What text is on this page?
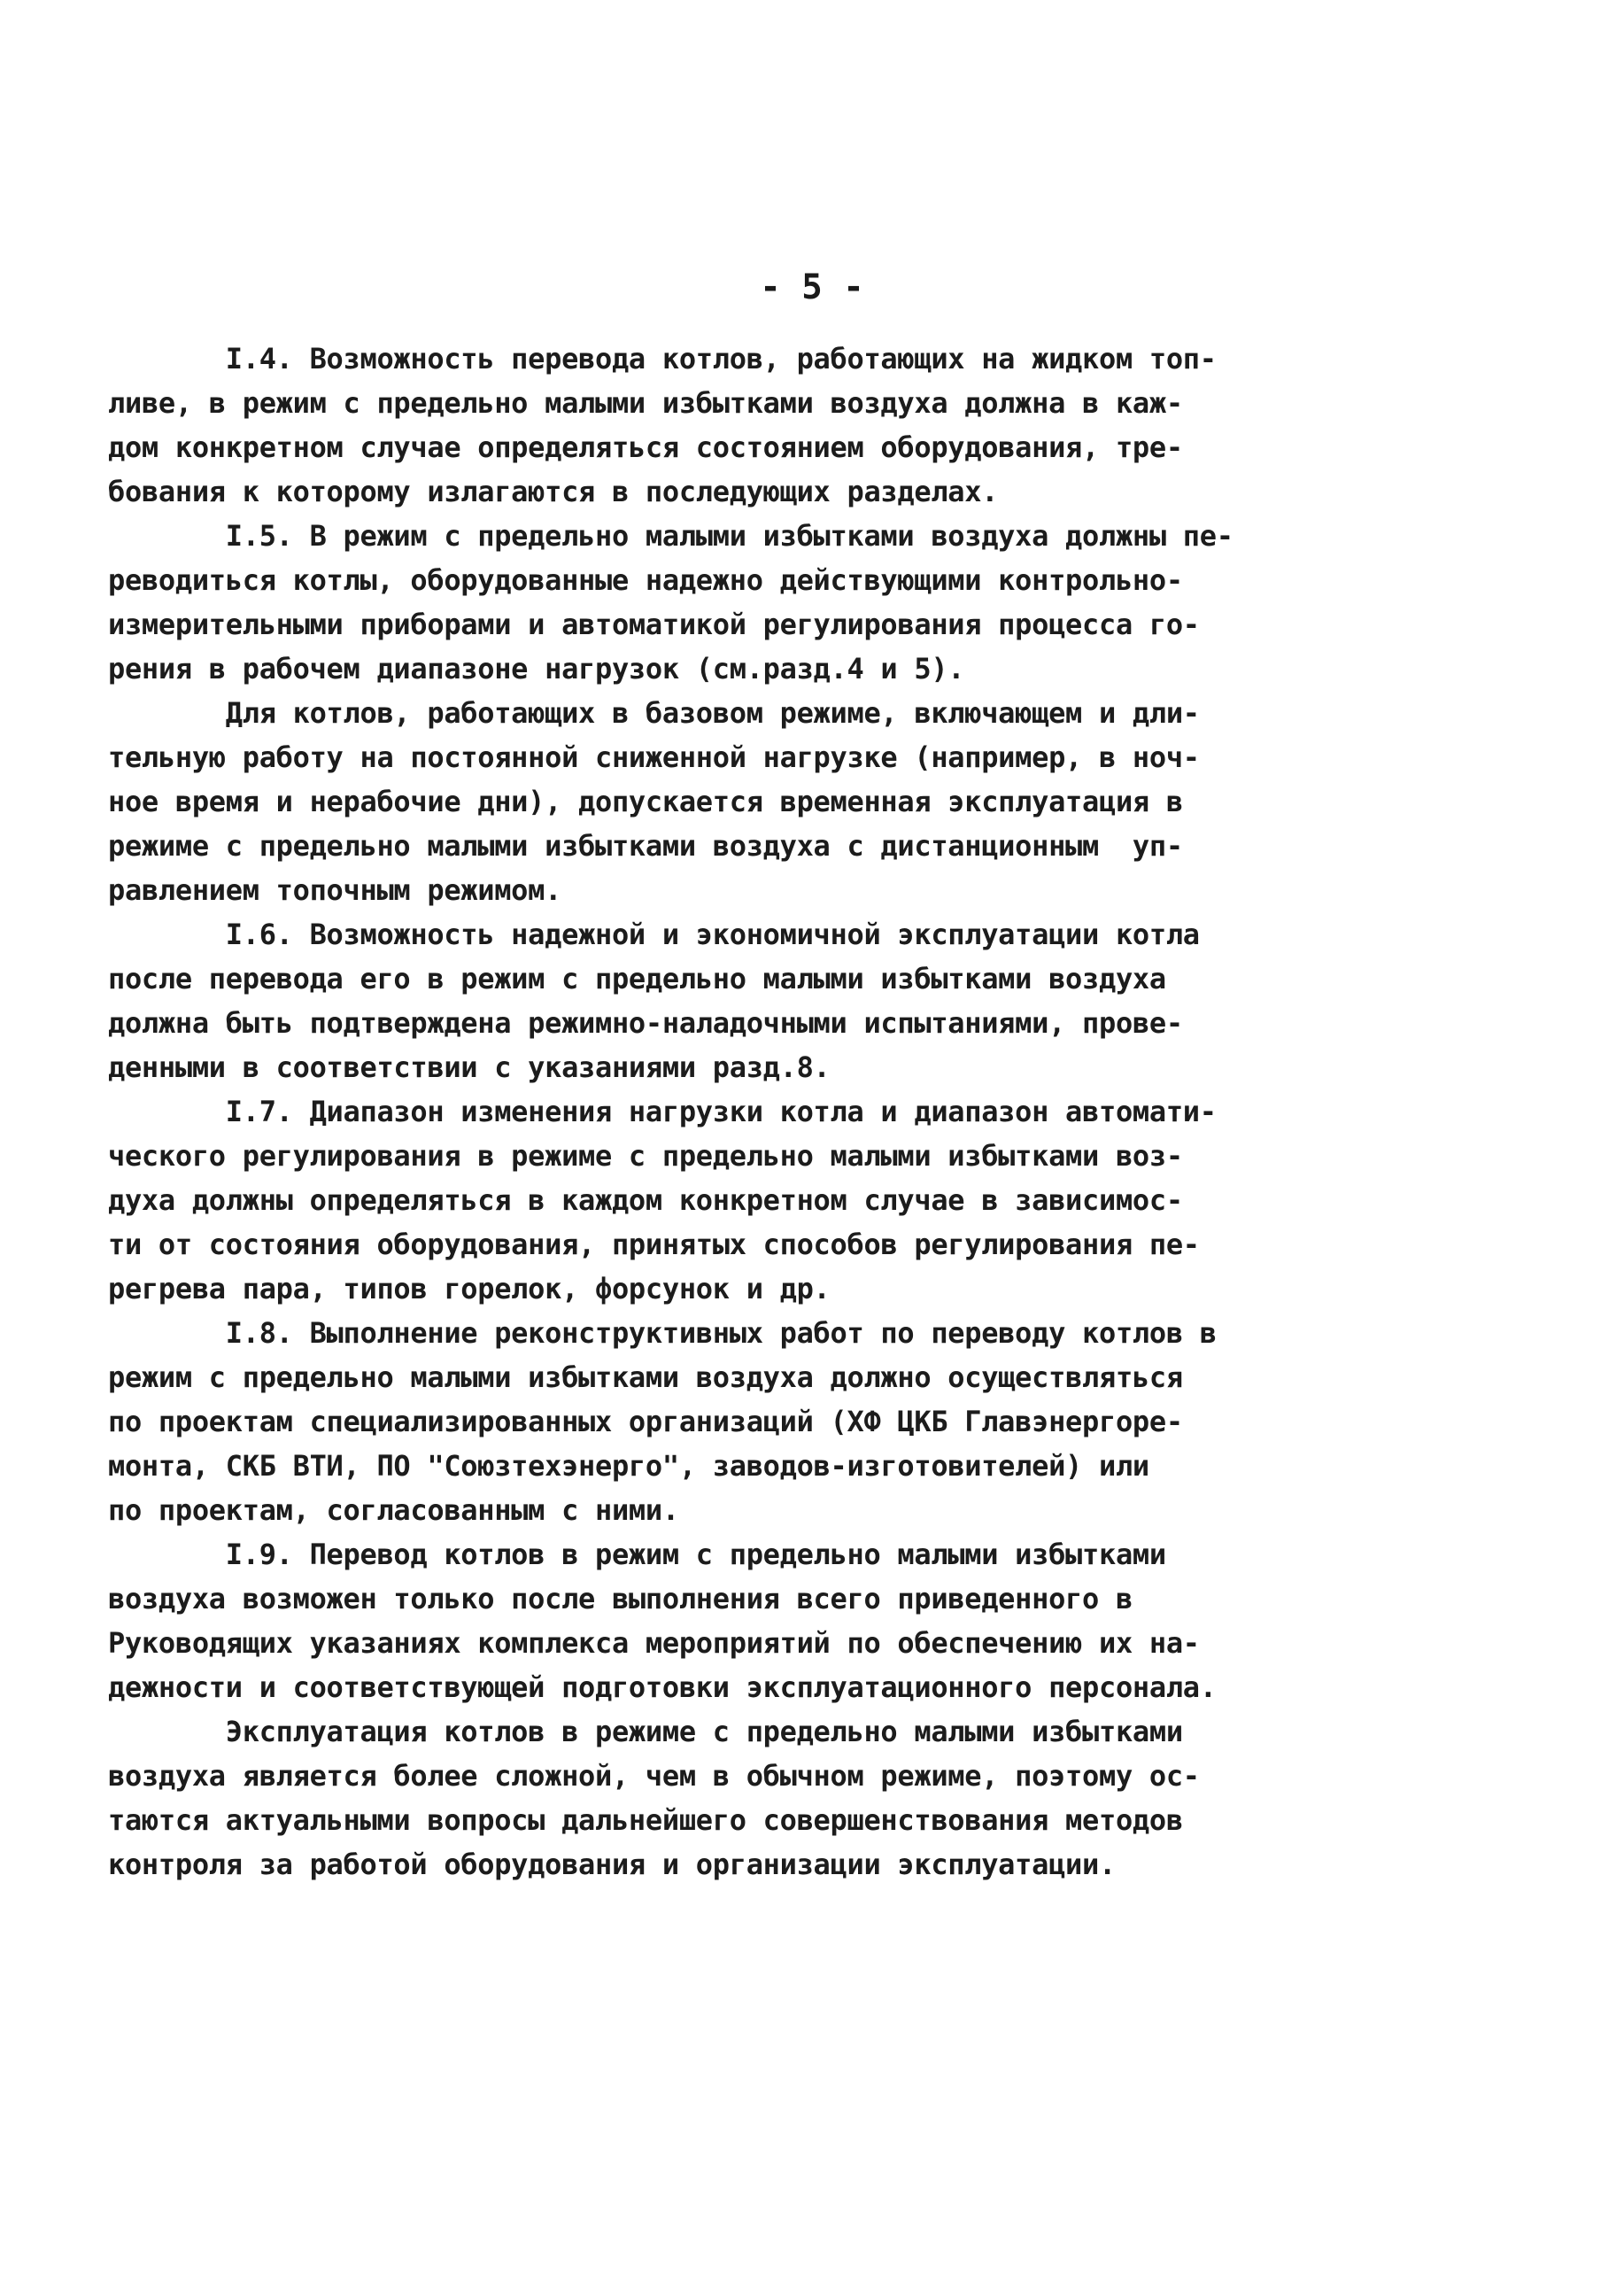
- 5 -
I.4. Возможность перевода котлов, работающих на жидком топ-
ливе, в режим с предельно малыми избытками воздуха должна в каж-
дом конкретном случае определяться состоянием оборудования, тре-
бования к которому излагаются в последующих разделах.
I.5. В режим с предельно малыми избытками воздуха должны пе-
реводиться котлы, оборудованные надежно действующими контрольно-
измерительными приборами и автоматикой регулирования процесса го-
рения в рабочем диапазоне нагрузок (см.разд.4 и 5).
Для котлов, работающих в базовом режиме, включающем и дли-
тельную работу на постоянной сниженной нагрузке (например, в ноч-
ное время и нерабочие дни), допускается временная эксплуатация в
режиме с предельно малыми избытками воздуха с дистанционным  уп-
равлением топочным режимом.
I.6. Возможность надежной и экономичной эксплуатации котла
после перевода его в режим с предельно малыми избытками воздуха
должна быть подтверждена режимно-наладочными испытаниями, прове-
денными в соответствии с указаниями разд.8.
I.7. Диапазон изменения нагрузки котла и диапазон автомати-
ческого регулирования в режиме с предельно малыми избытками воз-
духа должны определяться в каждом конкретном случае в зависимос-
ти от состояния оборудования, принятых способов регулирования пе-
регрева пара, типов горелок, форсунок и др.
I.8. Выполнение реконструктивных работ по переводу котлов в
режим с предельно малыми избытками воздуха должно осуществляться
по проектам специализированных организаций (ХФ ЦКБ Главэнергоре-
монта, СКБ ВТИ, ПО "Союзтехэнерго", заводов-изготовителей) или
по проектам, согласованным с ними.
I.9. Перевод котлов в режим с предельно малыми избытками
воздуха возможен только после выполнения всего приведенного в
Руководящих указаниях комплекса мероприятий по обеспечению их на-
дежности и соответствующей подготовки эксплуатационного персонала.
Эксплуатация котлов в режиме с предельно малыми избытками
воздуха является более сложной, чем в обычном режиме, поэтому ос-
таются актуальными вопросы дальнейшего совершенствования методов
контроля за работой оборудования и организации эксплуатации.
